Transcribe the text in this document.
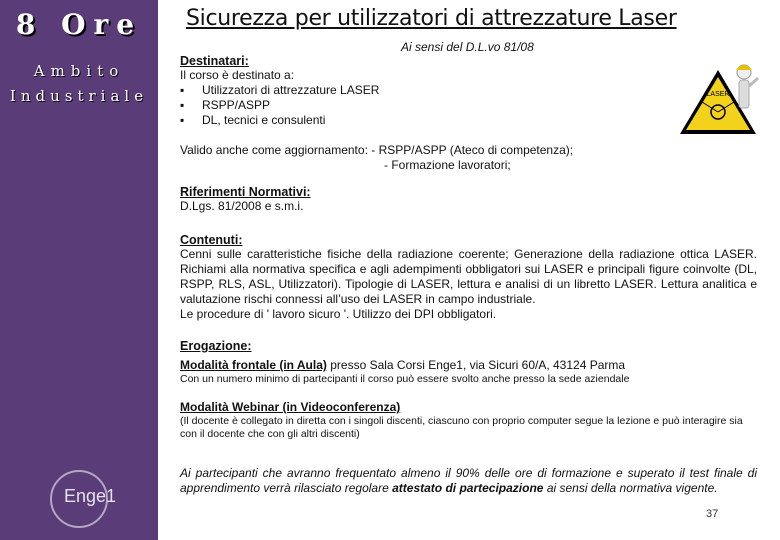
8 Ore
Ambito
Industriale
Enge1
Sicurezza per utilizzatori di attrezzature Laser
Ai sensi del D.L.vo 81/08
LASER
Destinatari:
Il corso è destinato a:
▪ Utilizzatori di attrezzature LASER
▪ RSPP/ASPP
▪ DL, tecnici e consulenti
Valido anche come aggiornamento: - RSPP/ASPP (Ateco di competenza);
- Formazione lavoratori;
Riferimenti Normativi:
D.Lgs. 81/2008 e s.m.i.
Contenuti:
Cenni sulle caratteristiche fisiche della radiazione coerente; Generazione della radiazione ottica LASER. Richiami alla normativa specifica e agli adempimenti obbligatori sui LASER e principali figure coinvolte (DL, RSPP, RLS, ASL, Utilizzatori). Tipologie di LASER, lettura e analisi di un libretto LASER. Lettura analitica e valutazione rischi connessi all’uso dei LASER in campo industriale.
Le procedure di ' lavoro sicuro '. Utilizzo dei DPI obbligatori.
Erogazione:
Modalità frontale (in Aula) presso Sala Corsi Enge1, via Sicuri 60/A, 43124 Parma
Con un numero minimo di partecipanti il corso può essere svolto anche presso la sede aziendale
Modalità Webinar (in Videoconferenza)
(Il docente è collegato in diretta con i singoli discenti, ciascuno con proprio computer segue la lezione e può interagire sia con il docente che con gli altri discenti)
Ai partecipanti che avranno frequentato almeno il 90% delle ore di formazione e superato il test finale di apprendimento verrà rilasciato regolare attestato di partecipazione ai sensi della normativa vigente.
37
